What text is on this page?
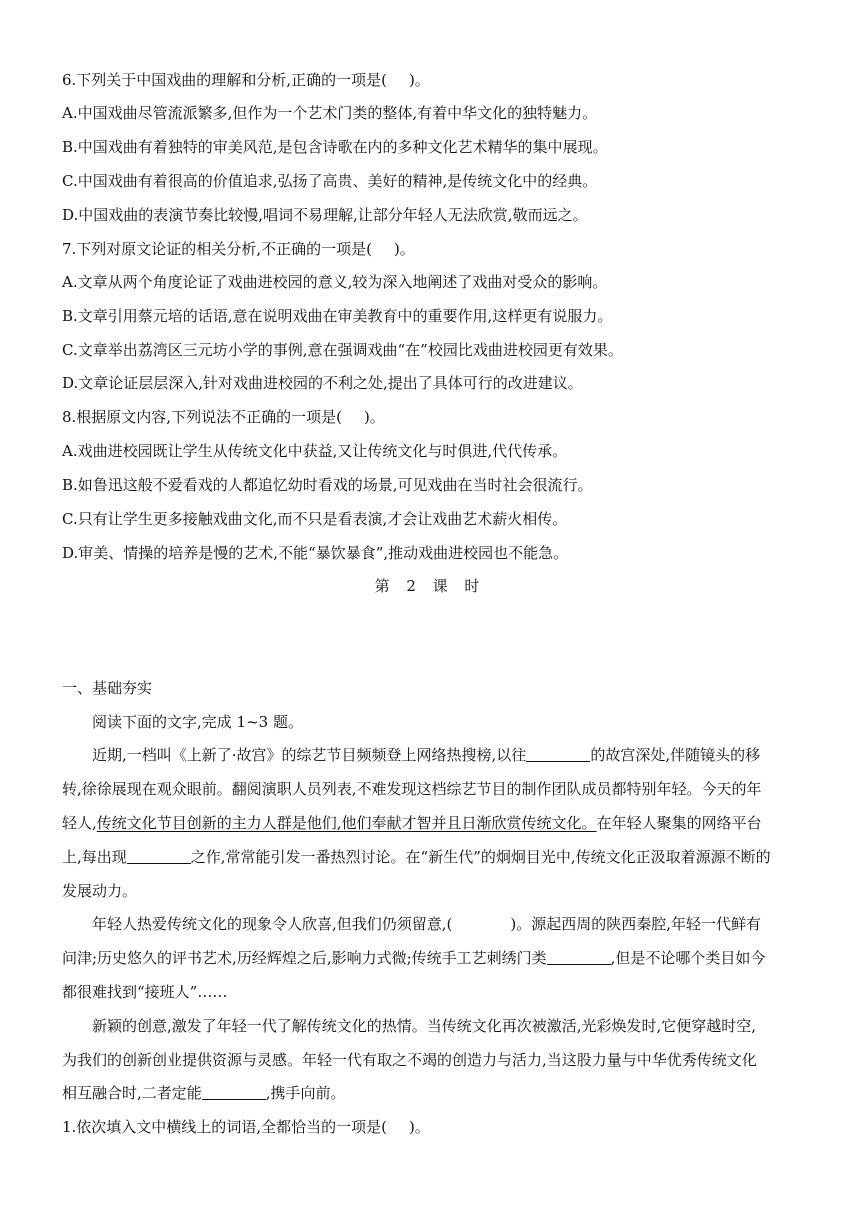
6.下列关于中国戏曲的理解和分析,正确的一项是( )。
A.中国戏曲尽管流派繁多,但作为一个艺术门类的整体,有着中华文化的独特魅力。
B.中国戏曲有着独特的审美风范,是包含诗歌在内的多种文化艺术精华的集中展现。
C.中国戏曲有着很高的价值追求,弘扬了高贵、美好的精神,是传统文化中的经典。
D.中国戏曲的表演节奏比较慢,唱词不易理解,让部分年轻人无法欣赏,敬而远之。
7.下列对原文论证的相关分析,不正确的一项是( )。
A.文章从两个角度论证了戏曲进校园的意义,较为深入地阐述了戏曲对受众的影响。
B.文章引用蔡元培的话语,意在说明戏曲在审美教育中的重要作用,这样更有说服力。
C.文章举出荔湾区三元坊小学的事例,意在强调戏曲“在”校园比戏曲进校园更有效果。
D.文章论证层层深入,针对戏曲进校园的不利之处,提出了具体可行的改进建议。
8.根据原文内容,下列说法不正确的一项是( )。
A.戏曲进校园既让学生从传统文化中获益,又让传统文化与时俱进,代代传承。
B.如鲁迅这般不爱看戏的人都追忆幼时看戏的场景,可见戏曲在当时社会很流行。
C.只有让学生更多接触戏曲文化,而不只是看表演,才会让戏曲艺术薪火相传。
D.审美、情操的培养是慢的艺术,不能“暴饮暴食”,推动戏曲进校园也不能急。
第 2 课 时
一、基础夯实
阅读下面的文字,完成 1~3 题。
近期,一档叫《上新了·故宫》的综艺节目频频登上网络热搜榜,以往	的故宫深处,伴随镜头的移
转,徐徐展现在观众眼前。翻阅演职人员列表,不难发现这档综艺节目的制作团队成员都特别年轻。今天的年
轻人,传统文化节目创新的主力人群是他们,他们奉献才智并且日渐欣赏传统文化。在年轻人聚集的网络平台
上,每出现	之作,常常能引发一番热烈讨论。在“新生代”的炯炯目光中,传统文化正汲取着源源不断的
发展动力。
年轻人热爱传统文化的现象令人欣喜,但我们仍须留意,(	)。源起西周的陕西秦腔,年轻一代鲜有
问津;历史悠久的评书艺术,历经辉煌之后,影响力式微;传统手工艺刺绣门类	,但是不论哪个类目如今
都很难找到“接班人”……
新颖的创意,激发了年轻一代了解传统文化的热情。当传统文化再次被激活,光彩焕发时,它便穿越时空,
为我们的创新创业提供资源与灵感。年轻一代有取之不竭的创造力与活力,当这股力量与中华优秀传统文化
相互融合时,二者定能	,携手向前。
1.依次填入文中横线上的词语,全都恰当的一项是( )。
